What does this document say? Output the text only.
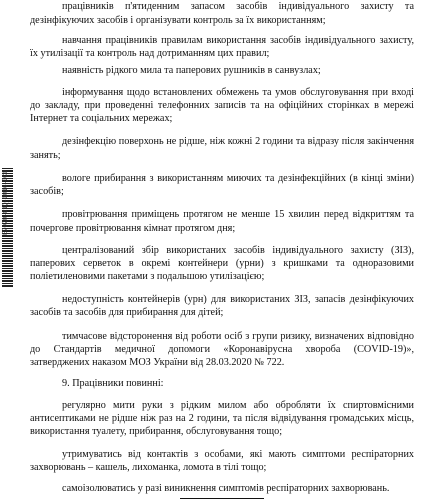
E2020-81Q-0016-DC0
працівників п'ятиденним запасом засобів індивідуального захисту та
дезінфікуючих засобів і організувати контроль за їх використанням;
навчання працівників правилам використання засобів індивідуального захисту,
їх утилізації та контроль над дотриманням цих правил;
наявність рідкого мила та паперових рушників в санвузлах;
інформування щодо встановлених обмежень та умов обслуговування при вході
до закладу, при проведенні телефонних записів та на офіційних сторінках в мережі
Інтернет та соціальних мережах;
дезінфекцію поверхонь не рідше, ніж кожні 2 години та відразу після закінчення
занять;
вологе прибирання з використанням миючих та дезінфекційних (в кінці зміни)
засобів;
провітрювання приміщень протягом не менше 15 хвилин перед відкриттям та
почергове провітрювання кімнат протягом дня;
централізований збір використаних засобів індивідуального захисту (ЗІЗ),
паперових серветок в окремі контейнери (урни) з кришками та одноразовими
поліетиленовими пакетами з подальшою утилізацією;
недоступність контейнерів (урн) для використаних ЗІЗ, запасів дезінфікуючих
засобів та засобів для прибирання для дітей;
тимчасове відсторонення від роботи осіб з групи ризику, визначених відповідно
до Стандартів медичної допомоги «Коронавірусна хвороба (COVID-19)»,
затверджених наказом МОЗ України від 28.03.2020 № 722.
9. Працівники повинні:
регулярно мити руки з рідким милом або обробляти їх спиртовмісними
антисептиками не рідше ніж раз на 2 години, та після відвідування громадських місць,
використання туалету, прибирання, обслуговування тощо;
утримуватись від контактів з особами, які мають симптоми респіраторних
захворювань – кашель, лихоманка, ломота в тілі тощо;
самоізолюватись у разі виникнення симптомів респіраторних захворювань.
